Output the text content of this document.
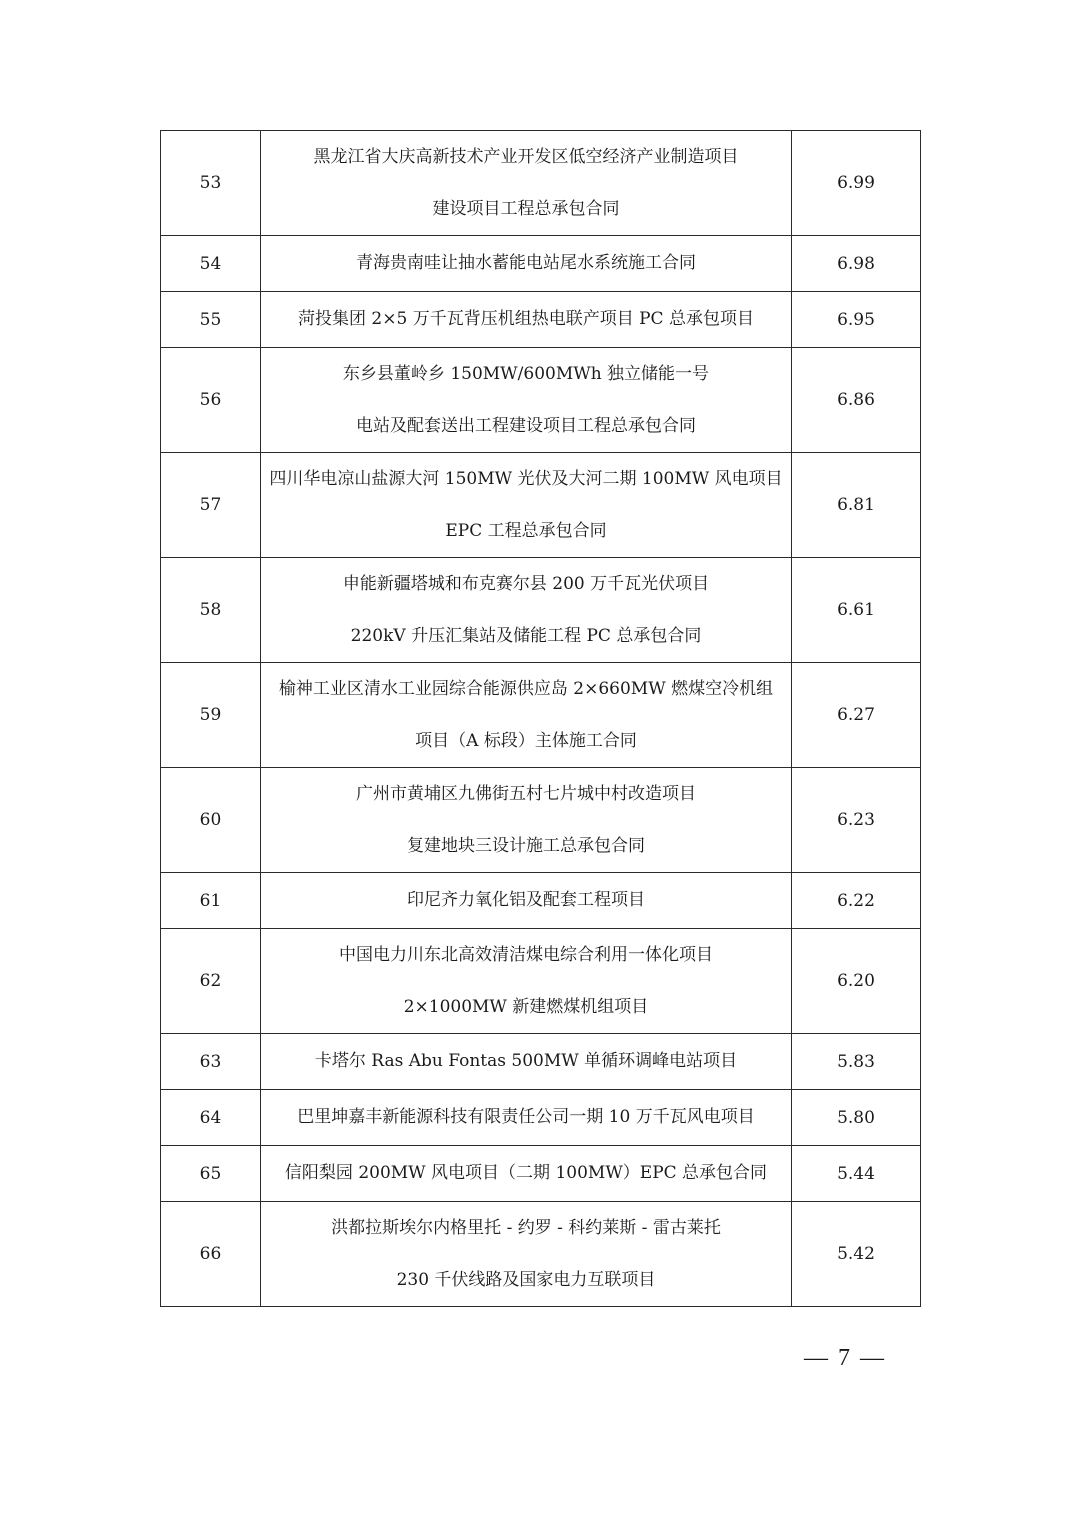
53	黑龙江省大庆高新技术产业开发区低空经济产业制造项目
建设项目工程总承包合同	6.99
54	青海贵南哇让抽水蓄能电站尾水系统施工合同	6.98
55	菏投集团 2×5 万千瓦背压机组热电联产项目 PC 总承包项目	6.95
56	东乡县董岭乡 150MW/600MWh 独立储能一号
电站及配套送出工程建设项目工程总承包合同	6.86
57	四川华电凉山盐源大河 150MW 光伏及大河二期 100MW 风电项目
EPC 工程总承包合同	6.81
58	申能新疆塔城和布克赛尔县 200 万千瓦光伏项目
220kV 升压汇集站及储能工程 PC 总承包合同	6.61
59	榆神工业区清水工业园综合能源供应岛 2×660MW 燃煤空冷机组
项目（A 标段）主体施工合同	6.27
60	广州市黄埔区九佛街五村七片城中村改造项目
复建地块三设计施工总承包合同	6.23
61	印尼齐力氧化铝及配套工程项目	6.22
62	中国电力川东北高效清洁煤电综合利用一体化项目
2×1000MW 新建燃煤机组项目	6.20
63	卡塔尔 Ras Abu Fontas 500MW 单循环调峰电站项目	5.83
64	巴里坤嘉丰新能源科技有限责任公司一期 10 万千瓦风电项目	5.80
65	信阳梨园 200MW 风电项目（二期 100MW）EPC 总承包合同	5.44
66	洪都拉斯埃尔内格里托 - 约罗 - 科约莱斯 - 雷古莱托
230 千伏线路及国家电力互联项目	5.42
— 7 —
